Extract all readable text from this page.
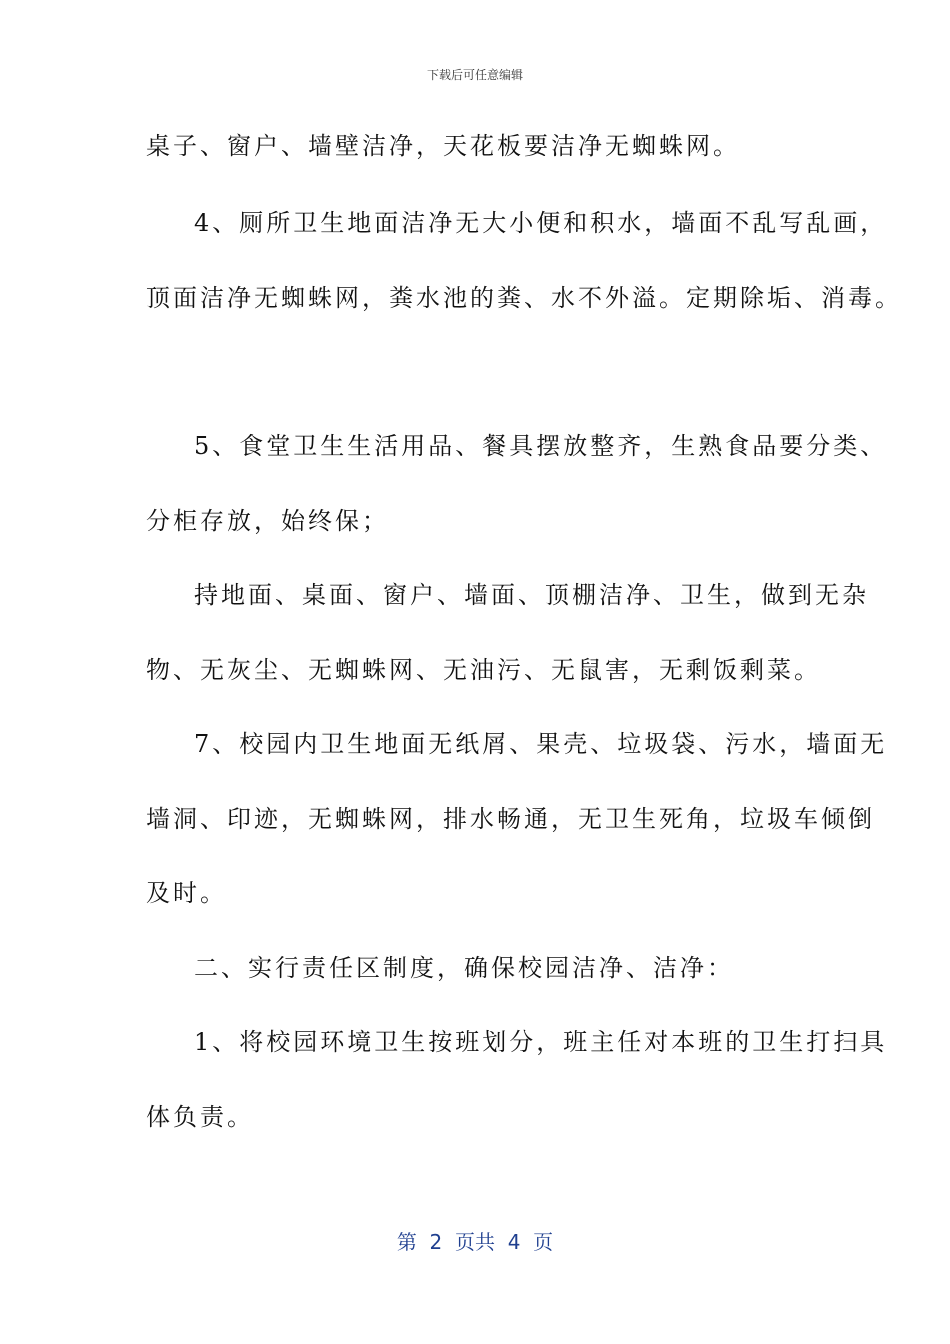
下载后可任意编辑
桌子、窗户、墙壁洁净，天花板要洁净无蜘蛛网。
4、厕所卫生地面洁净无大小便和积水，墙面不乱写乱画，
顶面洁净无蜘蛛网，粪水池的粪、水不外溢。定期除垢、消毒。
5、食堂卫生生活用品、餐具摆放整齐，生熟食品要分类、
分柜存放，始终保；
持地面、桌面、窗户、墙面、顶棚洁净、卫生，做到无杂
物、无灰尘、无蜘蛛网、无油污、无鼠害，无剩饭剩菜。
7、校园内卫生地面无纸屑、果壳、垃圾袋、污水，墙面无
墙洞、印迹，无蜘蛛网，排水畅通，无卫生死角，垃圾车倾倒
及时。
二、实行责任区制度，确保校园洁净、洁净：
1、将校园环境卫生按班划分，班主任对本班的卫生打扫具
体负责。
第  2  页共  4  页
